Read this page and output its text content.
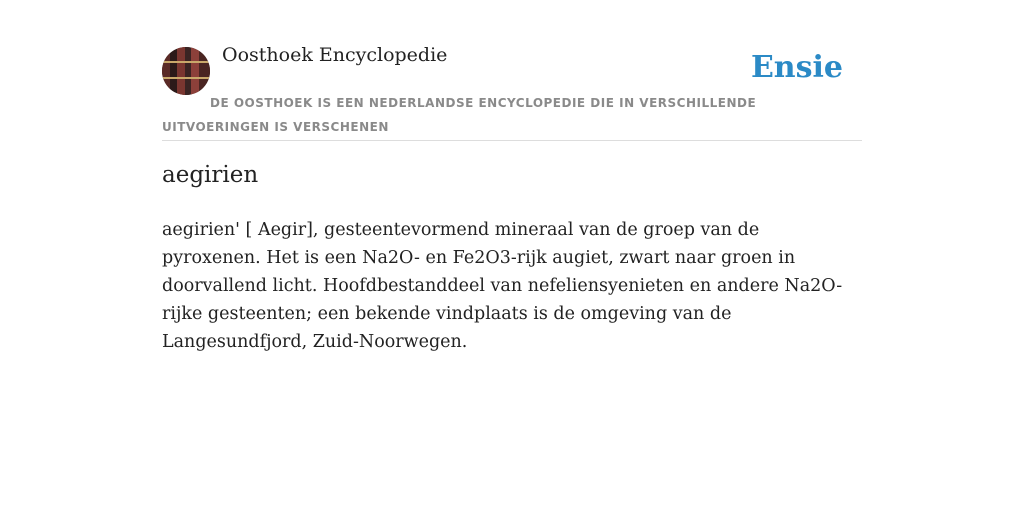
Oosthoek Encyclopedie	Ensie
DE OOSTHOEK IS EEN NEDERLANDSE ENCYCLOPEDIE DIE IN VERSCHILLENDE UITVOERINGEN IS VERSCHENEN
aegirien

aegirien' [ Aegir], gesteentevormend mineraal van de groep van de pyroxenen. Het is een Na2O- en Fe2O3-rijk augiet, zwart naar groen in doorvallend licht. Hoofdbestanddeel van nefeliensyenieten en andere Na2O-rijke gesteenten; een bekende vindplaats is de omgeving van de Langesundfjord, Zuid-Noorwegen.
